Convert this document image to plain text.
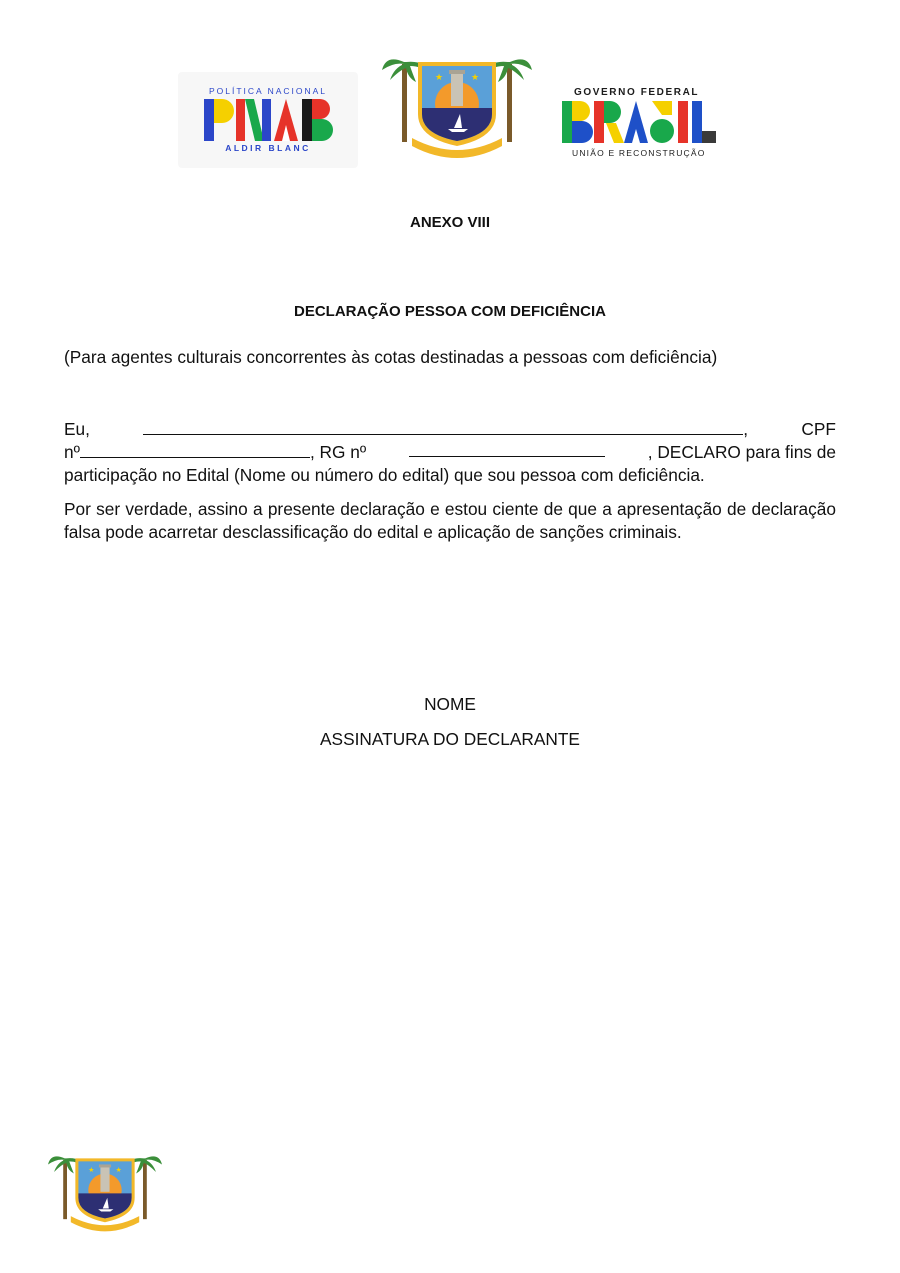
POLÍTICA NACIONAL
ALDIR BLANC
★	★
GOVERNO FEDERAL
UNIÃO E RECONSTRUÇÃO
ANEXO VIII
DECLARAÇÃO PESSOA COM DEFICIÊNCIA
(Para agentes culturais concorrentes às cotas destinadas a pessoas com deficiência)
Eu,	,	CPF
nº	, RG nº	, DECLARO para fins de
participação no Edital (Nome ou número do edital) que sou pessoa com deficiência.
Por ser verdade, assino a presente declaração e estou ciente de que a apresentação de declaração falsa pode acarretar desclassificação do edital e aplicação de sanções criminais.
NOME
ASSINATURA DO DECLARANTE
★ ★
